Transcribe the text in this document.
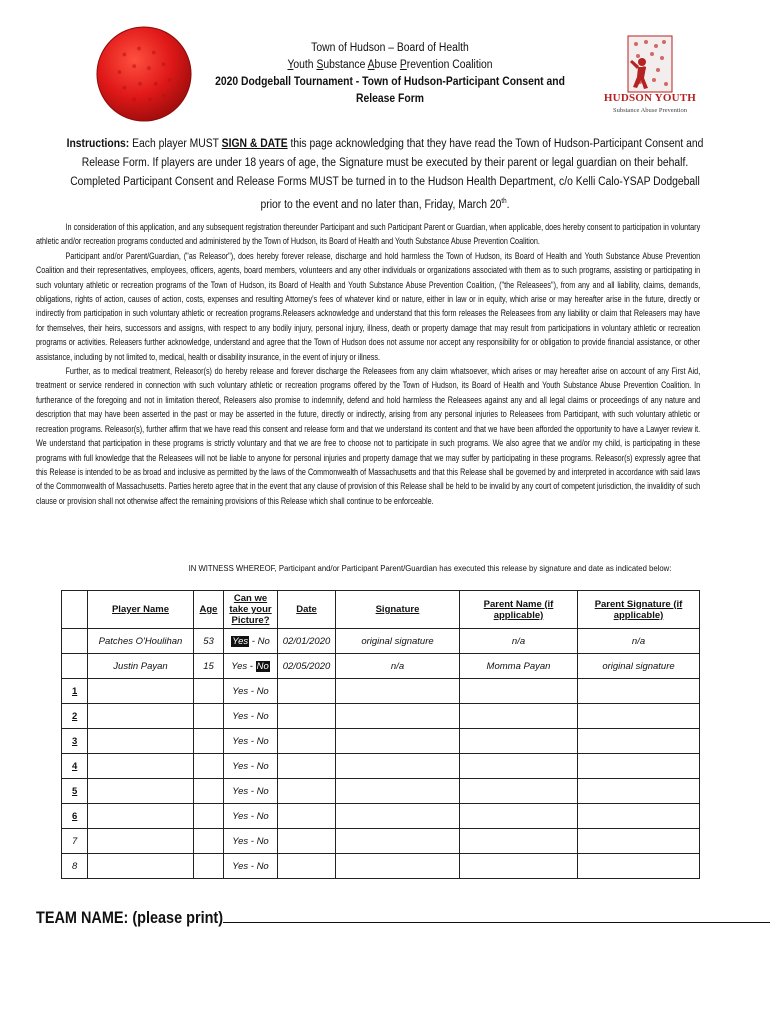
Town of Hudson – Board of Health
Youth Substance Abuse Prevention Coalition
2020 Dodgeball Tournament - Town of Hudson-Participant Consent and Release Form	HUDSON YOUTH
Substance Abuse Prevention
Instructions: Each player MUST SIGN & DATE this page acknowledging that they have read the Town of Hudson-Participant Consent and Release Form. If players are under 18 years of age, the Signature must be executed by their parent or legal guardian on their behalf. Completed Participant Consent and Release Forms MUST be turned in to the Hudson Health Department, c/o Kelli Calo-YSAP Dodgeball prior to the event and no later than, Friday, March 20th.

In consideration of this application, and any subsequent registration thereunder Participant and such Participant Parent or Guardian, when applicable, does hereby consent to participation in voluntary athletic and/or recreation programs conducted and administered by the Town of Hudson, its Board of Health and Youth Substance Abuse Prevention Coalition.

Participant and/or Parent/Guardian, ("as Releasor"), does hereby forever release, discharge and hold harmless the Town of Hudson, its Board of Health and Youth Substance Abuse Prevention Coalition and their representatives, employees, officers, agents, board members, volunteers and any other individuals or organizations associated with them as to such programs, assisting or participating in such voluntary athletic or recreation programs of the Town of Hudson, its Board of Health and Youth Substance Abuse Prevention Coalition, ("the Releasees"), from any and all liability, claims, demands, obligations, rights of action, causes of action, costs, expenses and resulting Attorney's fees of whatever kind or nature, either in law or in equity, which arise or may hereafter arise in the future, directly or indirectly from participation in such voluntary athletic or recreation programs.Releasers acknowledge and understand that this form releases the Releasees from any liability or claim that Releasers may have for themselves, their heirs, successors and assigns, with respect to any bodily injury, personal injury, illness, death or property damage that may result from participations in voluntary athletic or recreation programs or activities. Releasers further acknowledge, understand and agree that the Town of Hudson does not assume nor accept any responsibility for or obligation to provide financial assistance, or other assistance, including by not limited to, medical, health or disability insurance, in the event of injury or illness.

Further, as to medical treatment, Releasor(s) do hereby release and forever discharge the Releasees from any claim whatsoever, which arises or may hereafter arise on account of any First Aid, treatment or service rendered in connection with such voluntary athletic or recreation programs offered by the Town of Hudson, its Board of Health and Youth Substance Abuse Prevention Coalition. In furtherance of the foregoing and not in limitation thereof, Releasers also promise to indemnify, defend and hold harmless the Releasees against any and all legal claims or proceedings of any nature and description that may have been asserted in the past or may be asserted in the future, directly or indirectly, arising from any personal injuries to Releasees from Participant, with such voluntary athletic or recreation programs. Releasor(s), further affirm that we have read this consent and release form and that we understand its content and that we have been afforded the opportunity to have a Lawyer review it. We understand that participation in these programs is strictly voluntary and that we are free to choose not to participate in such programs. We also agree that we and/or my child, is participating in these programs with full knowledge that the Releasees will not be liable to anyone for personal injuries and property damage that we may suffer by participating in these programs. Releasor(s) expressly agree that this Release is intended to be as broad and inclusive as permitted by the laws of the Commonwealth of Massachusetts and that this Release shall be governed by and interpreted in accordance with said laws of the Commonwealth of Massachusetts. Parties hereto agree that in the event that any clause of provision of this Release shall be held to be invalid by any court of competent jurisdiction, the invalidity of such clause or provision shall not otherwise affect the remaining provisions of this Release which shall continue to be enforceable.

IN WITNESS WHEREOF, Participant and/or Participant Parent/Guardian has executed this release by signature and date as indicated below:
	Player Name	Age	Can we take your Picture?	Date	Signature	Parent Name (if applicable)	Parent Signature (if applicable)
	Patches O'Houlihan	53	Yes - No	02/01/2020	original signature	n/a	n/a
	Justin Payan	15	Yes - No	02/05/2020	n/a	Momma Payan	original signature
1			Yes - No				
2			Yes - No				
3			Yes - No				
4			Yes - No				
5			Yes - No				
6			Yes - No				
7			Yes - No				
8			Yes - No				
TEAM NAME: (please print)
